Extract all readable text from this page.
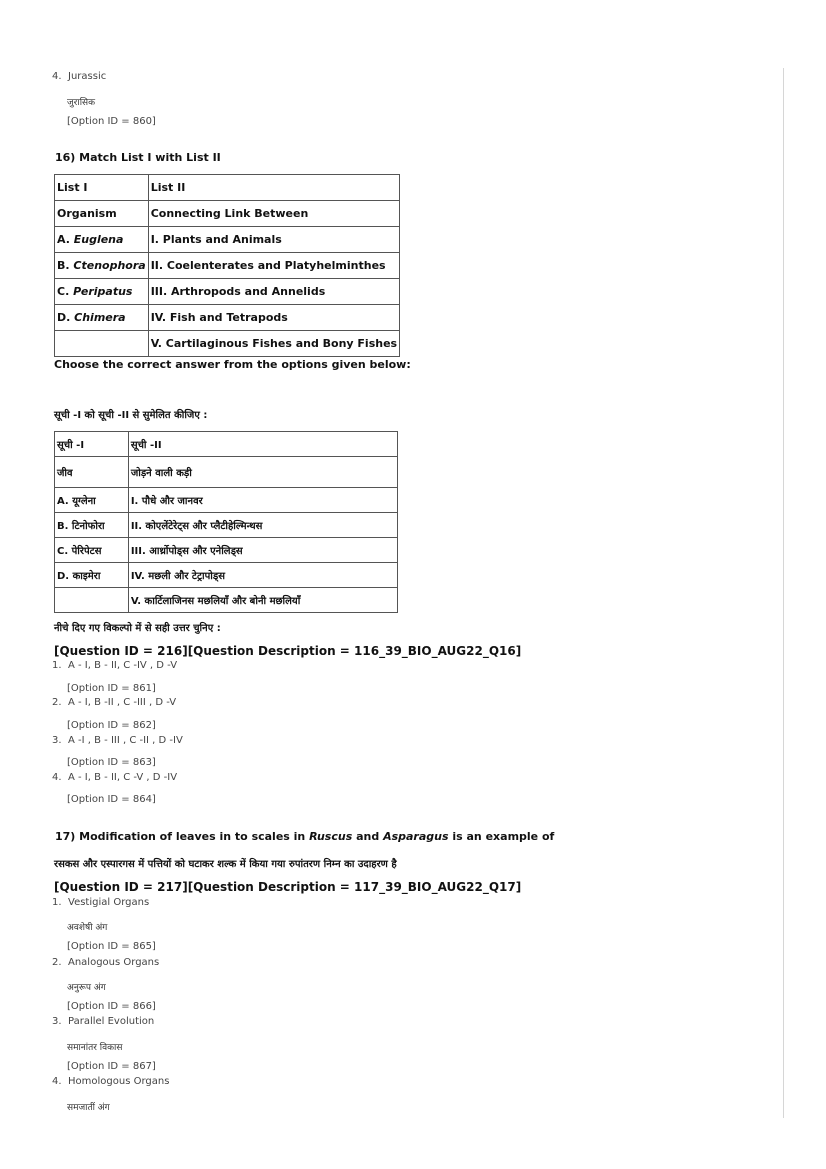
4. Jurassic
जुरासिक
[Option ID = 860]
16) Match List I with List II
List I	List II
Organism	Connecting Link Between
A. Euglena	I. Plants and Animals
B. Ctenophora	II. Coelenterates and Platyhelminthes
C. Peripatus	III. Arthropods and Annelids
D. Chimera	IV. Fish and Tetrapods
	V. Cartilaginous Fishes and Bony Fishes
Choose the correct answer from the options given below:
सूची -I को सूची -II से सुमेलित कीजिए :
सूची -I	सूची -II
जीव	जोड़ने वाली कड़ी
A. यूग्लेना	I. पौधे और जानवर
B. टिनोफोरा	II. कोएलेंटेरेट्स और प्लैटीहेल्मिन्थस
C. पेरिपेटस	III. आर्थ्रोपोड्स और एनेलिड्स
D. काइमेरा	IV. मछली और टेट्रापोड्स
	V. कार्टिलाजिनस मछलियाँ और बोनी मछलियाँ
नीचे दिए गए विकल्पो में से सही उत्तर चुनिए :
[Question ID = 216][Question Description = 116_39_BIO_AUG22_Q16]
1. A - I, B - II, C -IV , D -V
[Option ID = 861]
2. A - I, B -II , C -III , D -V
[Option ID = 862]
3. A -I , B - III , C -II , D -IV
[Option ID = 863]
4. A - I, B - II, C -V , D -IV
[Option ID = 864]
17) Modification of leaves in to scales in Ruscus and Asparagus is an example of
रसकस और एस्पारगस में पत्तियों को घटाकर शल्क में किया गया रुपांतरण निम्न का उदाहरण है
[Question ID = 217][Question Description = 117_39_BIO_AUG22_Q17]
1. Vestigial Organs
अवशेषी अंग
[Option ID = 865]
2. Analogous Organs
अनुरूप अंग
[Option ID = 866]
3. Parallel Evolution
समानांतर विकास
[Option ID = 867]
4. Homologous Organs
समजातीं अंग
